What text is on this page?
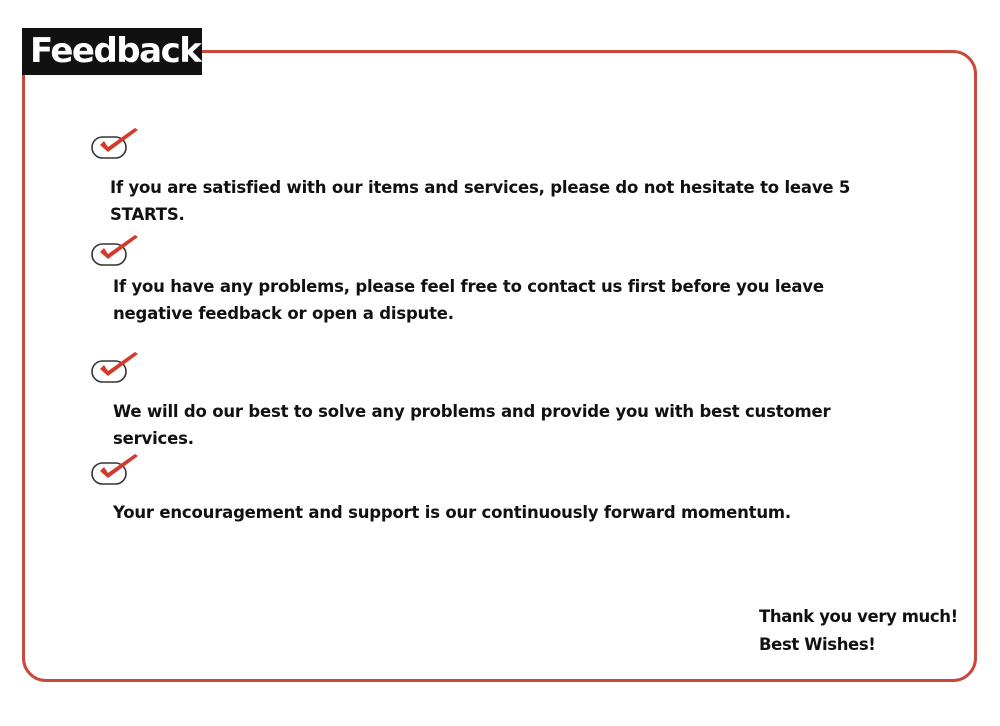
Feedback
If you are satisfied with our items and services, please do not hesitate to leave 5 STARTS.
If you have any problems, please feel free to contact us first before you leave negative feedback or open a dispute.
We will do our best to solve any problems and provide you with best customer services.
Your encouragement and support is our continuously forward momentum.
Thank you very much!
Best Wishes!
